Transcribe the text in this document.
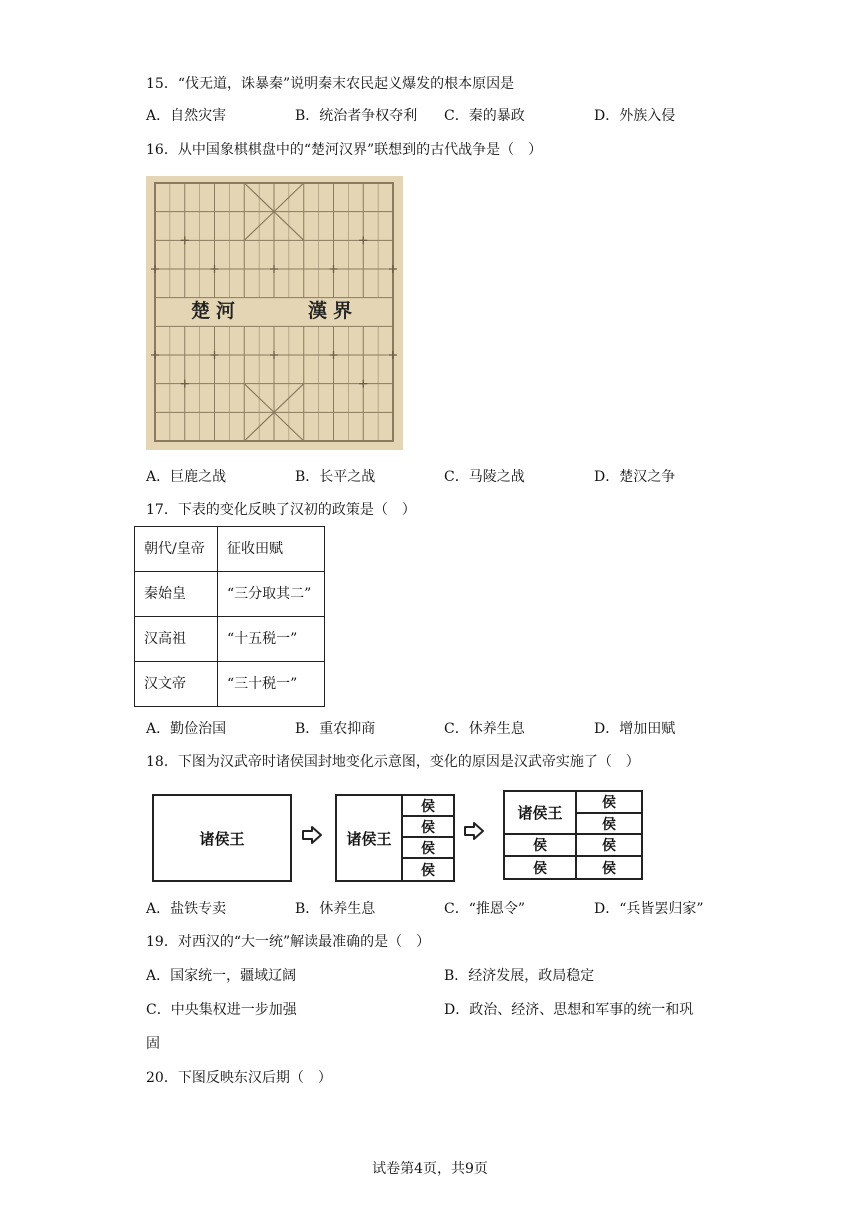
15．“伐无道，诛暴秦”说明秦末农民起义爆发的根本原因是
A．自然灾害	B．统治者争权夺利 C．秦的暴政	D．外族入侵
16．从中国象棋棋盘中的“楚河汉界”联想到的古代战争是（　）
楚河	漢界
A．巨鹿之战	B．长平之战	C．马陵之战	D．楚汉之争
17．下表的变化反映了汉初的政策是（　）
朝代/皇帝	征收田赋
秦始皇	“三分取其二”
汉高祖	“十五税一”
汉文帝	“三十税一”
A．勤俭治国	B．重农抑商	C．休养生息	D．增加田赋
18．下图为汉武帝时诸侯国封地变化示意图，变化的原因是汉武帝实施了（　）
诸侯王	诸侯王
侯
侯
侯
侯
诸侯王
侯
侯
侯	侯
侯	侯
A．盐铁专卖	B．休养生息	C．“推恩令”	D．“兵皆罢归家”
19．对西汉的“大一统”解读最准确的是（　）
A．国家统一，疆域辽阔	B．经济发展，政局稳定
C．中央集权进一步加强	D．政治、经济、思想和军事的统一和巩
固
20．下图反映东汉后期（　）
试卷第4页，共9页
